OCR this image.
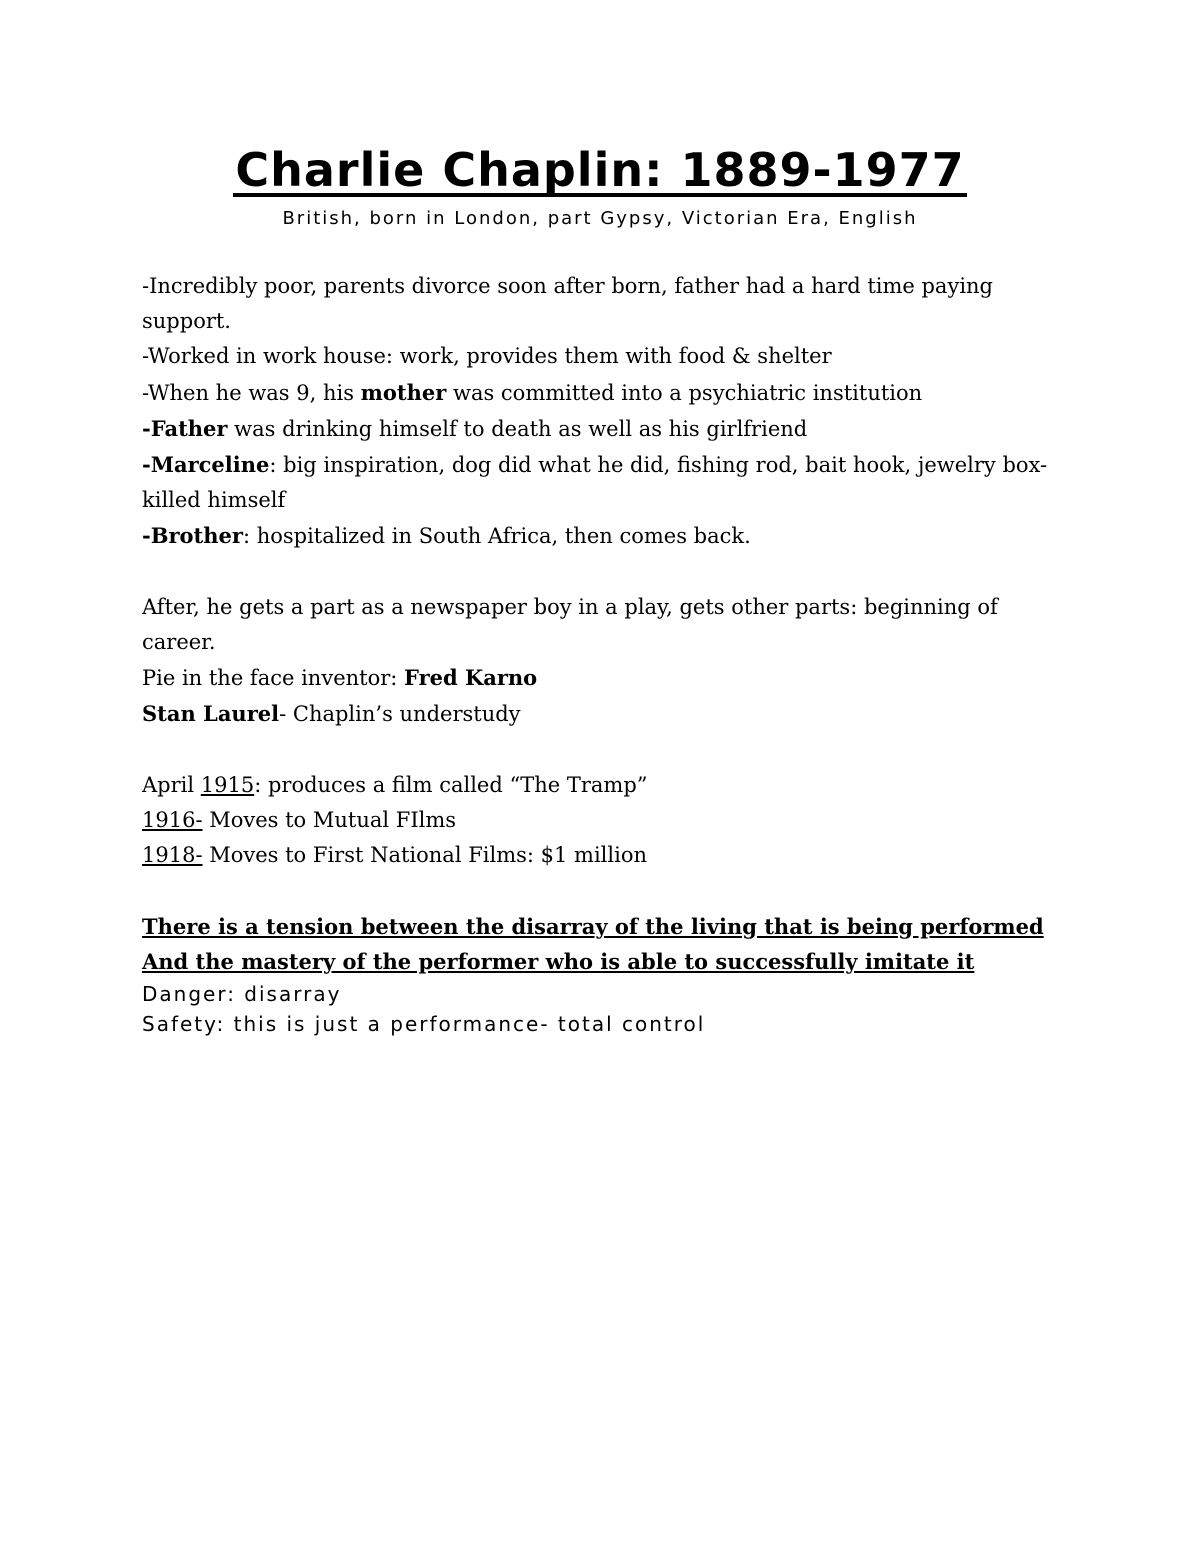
Charlie Chaplin: 1889-1977

British, born in London, part Gypsy, Victorian Era, English

-Incredibly poor, parents divorce soon after born, father had a hard time paying support.

-Worked in work house: work, provides them with food & shelter

-When he was 9, his mother was committed into a psychiatric institution

-Father was drinking himself to death as well as his girlfriend

-Marceline: big inspiration, dog did what he did, fishing rod, bait hook, jewelry box- killed himself

-Brother: hospitalized in South Africa, then comes back.

After, he gets a part as a newspaper boy in a play, gets other parts: beginning of career.

Pie in the face inventor: Fred Karno

Stan Laurel- Chaplin’s understudy

April 1915: produces a film called “The Tramp”

1916- Moves to Mutual FIlms

1918- Moves to First National Films: $1 million

There is a tension between the disarray of the living that is being performed

And the mastery of the performer who is able to successfully imitate it

Danger: disarray

Safety: this is just a performance- total control
